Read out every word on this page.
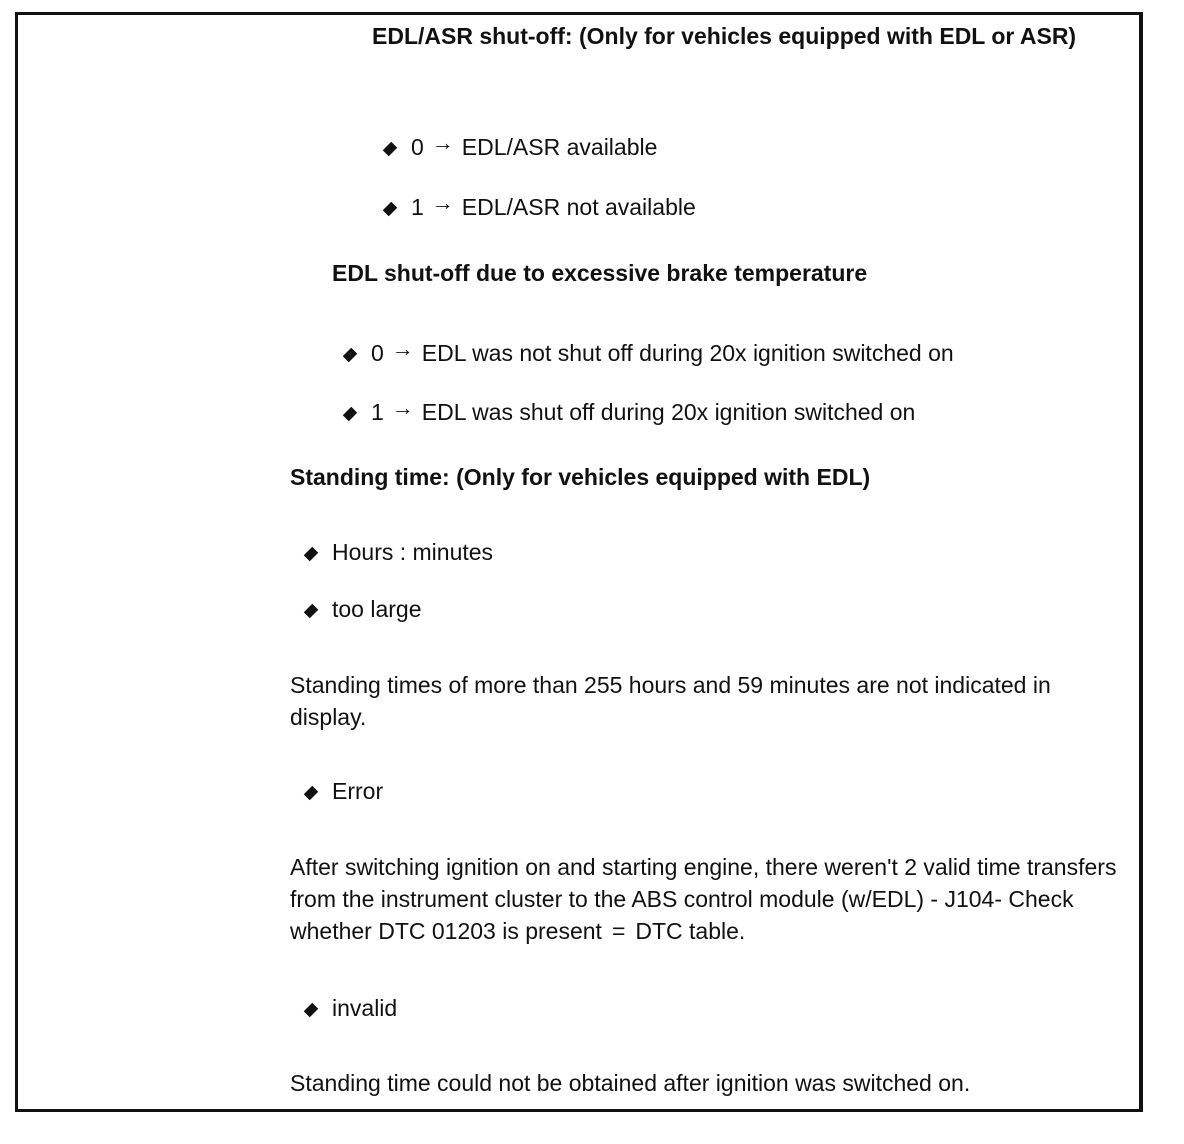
EDL/ASR shut-off: (Only for vehicles equipped with EDL or ASR)
0 → EDL/ASR available
1 → EDL/ASR not available
EDL shut-off due to excessive brake temperature
0 → EDL was not shut off during 20x ignition switched on
1 → EDL was shut off during 20x ignition switched on
Standing time: (Only for vehicles equipped with EDL)
Hours : minutes
too large
Standing times of more than 255 hours and 59 minutes are not indicated in display.
Error
After switching ignition on and starting engine, there weren't 2 valid time transfers from the instrument cluster to the ABS control module (w/EDL) - J104- Check whether DTC 01203 is present = DTC table.
invalid
Standing time could not be obtained after ignition was switched on.
